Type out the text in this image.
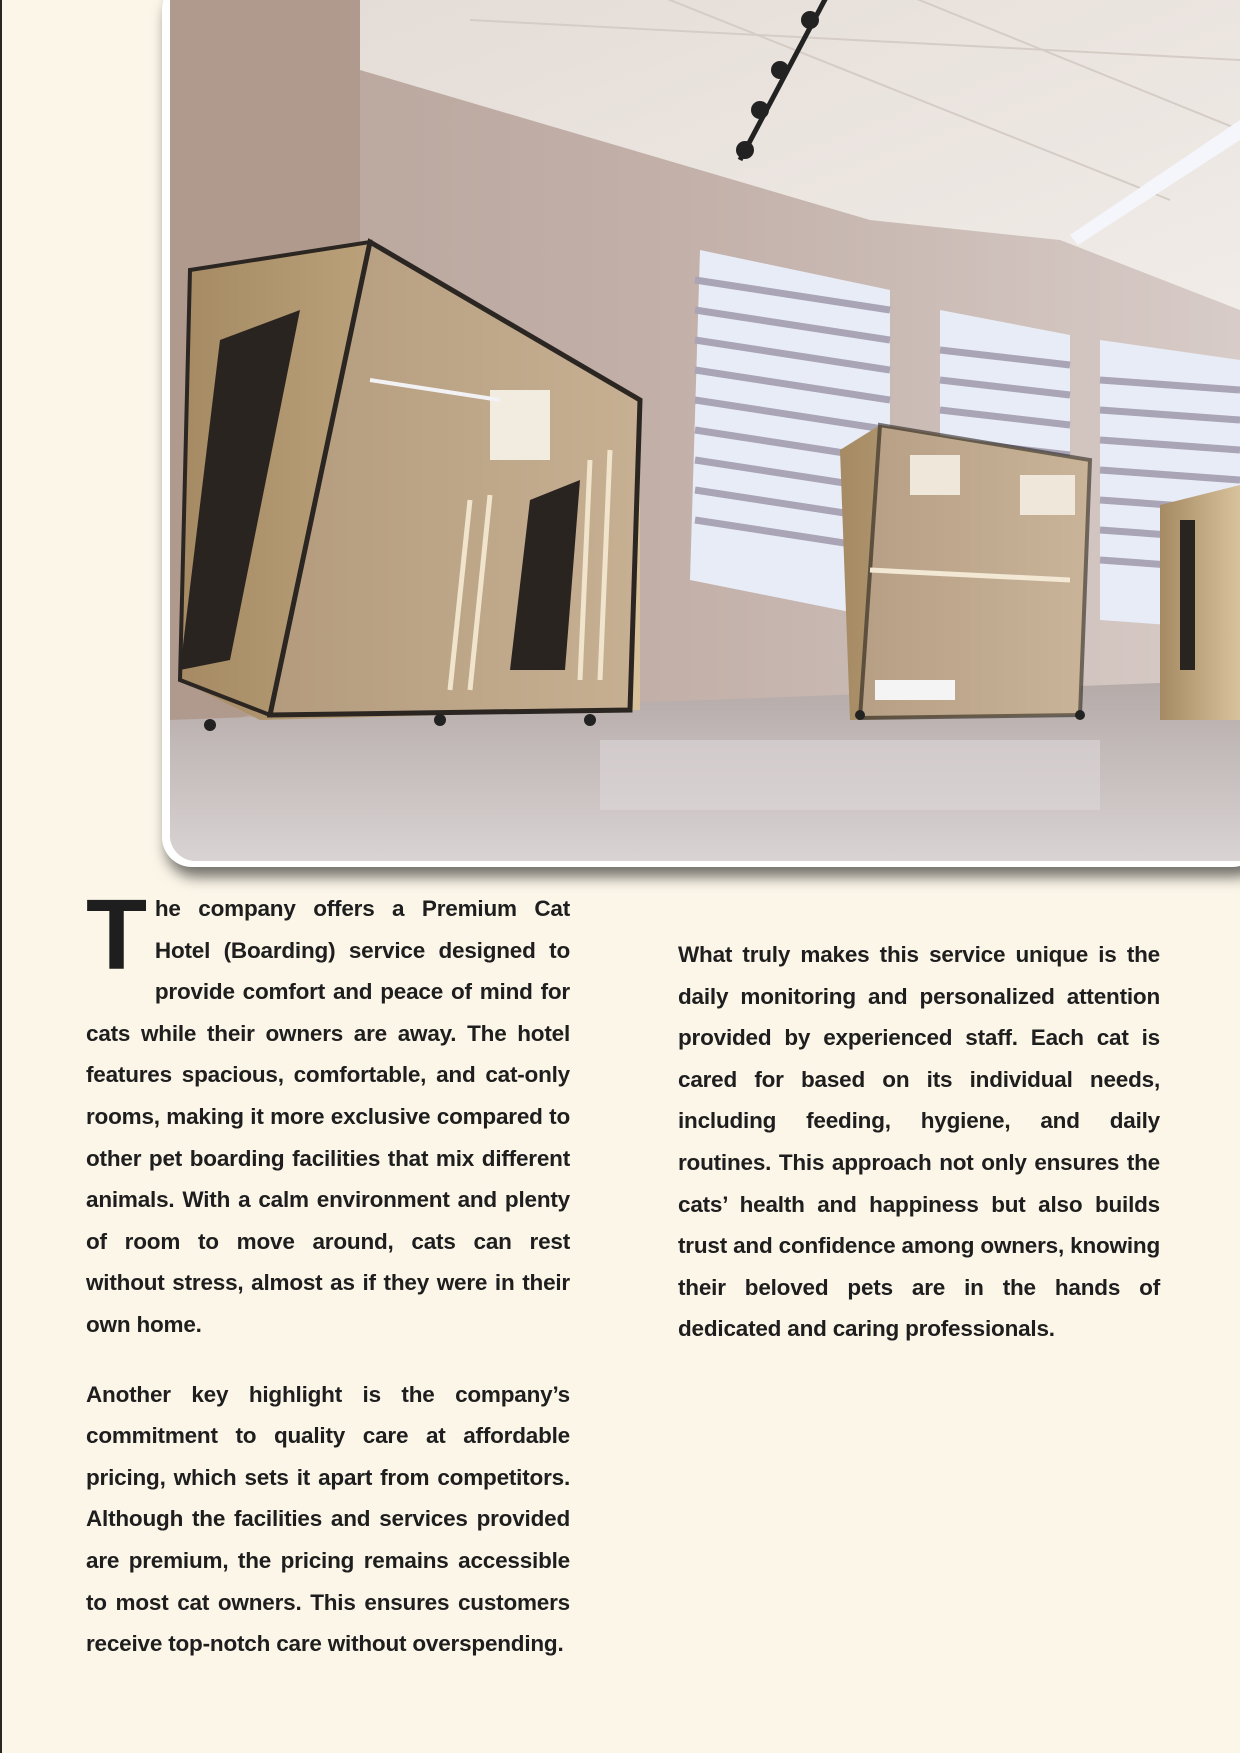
The company offers a Premium Cat Hotel (Boarding) service designed to provide comfort and peace of mind for cats while their owners are away. The hotel features spacious, comfortable, and cat-only rooms, making it more exclusive compared to other pet boarding facilities that mix different animals. With a calm environment and plenty of room to move around, cats can rest without stress, almost as if they were in their own home.

Another key highlight is the company’s commitment to quality care at affordable pricing, which sets it apart from competitors. Although the facilities and services provided are premium, the pricing remains accessible to most cat owners. This ensures customers receive top-notch care without overspending.

What truly makes this service unique is the daily monitoring and personalized attention provided by experienced staff. Each cat is cared for based on its individual needs, including feeding, hygiene, and daily routines. This approach not only ensures the cats’ health and happiness but also builds trust and confidence among owners, knowing their beloved pets are in the hands of dedicated and caring professionals.
